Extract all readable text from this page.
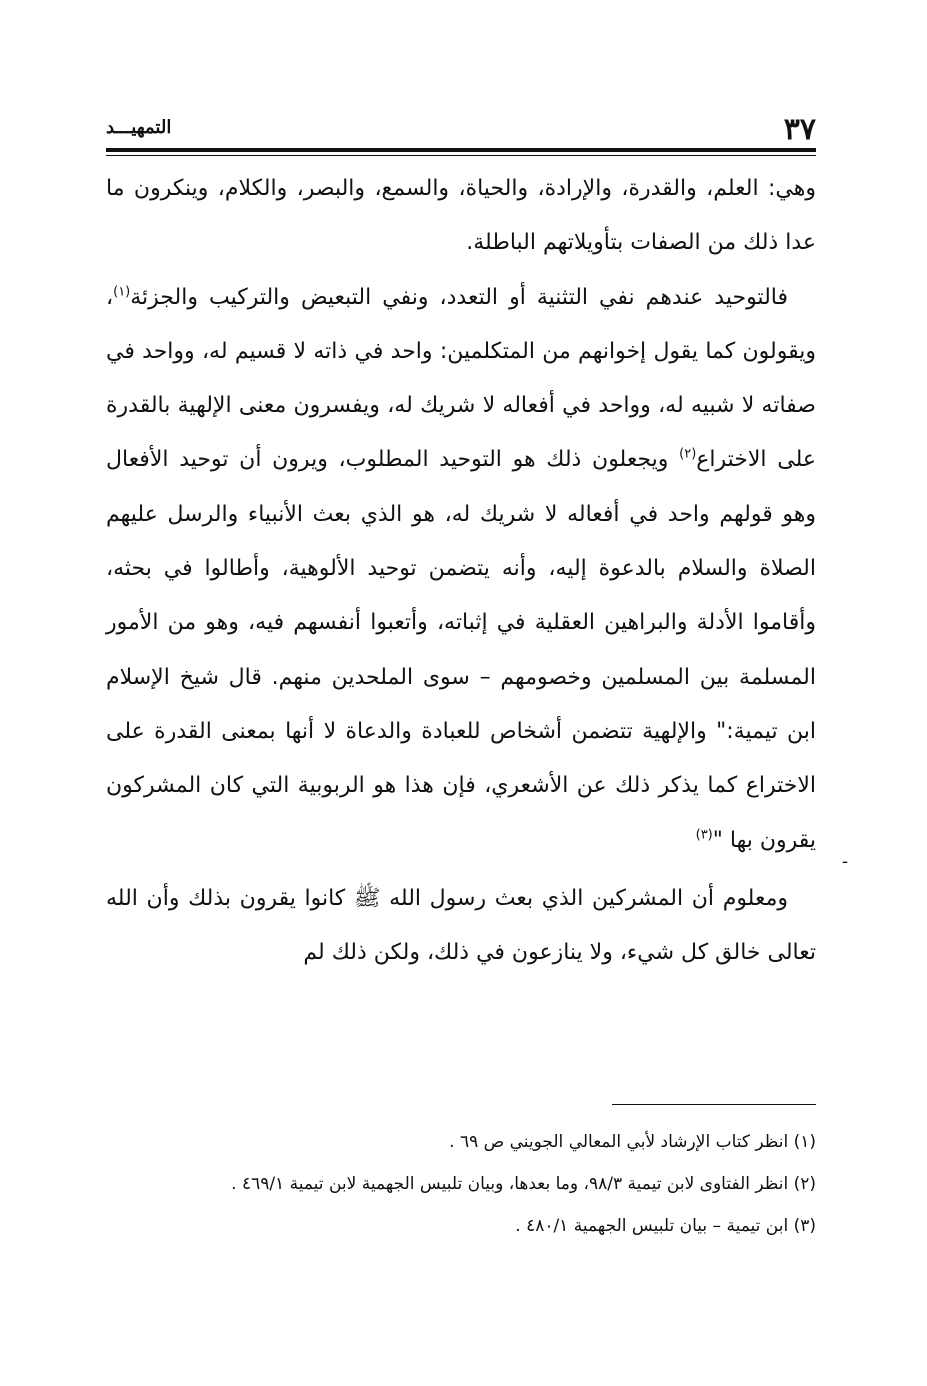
٣٧
التمهيـــد

وهي: العلم، والقدرة، والإرادة، والحياة، والسمع، والبصر، والكلام، وينكرون ما عدا ذلك من الصفات بتأويلاتهم الباطلة.

فالتوحيد عندهم نفي التثنية أو التعدد، ونفي التبعيض والتركيب والجزئة$^{(١)}$، ويقولون كما يقول إخوانهم من المتكلمين: واحد في ذاته لا قسيم له، وواحد في صفاته لا شبيه له، وواحد في أفعاله لا شريك له، ويفسرون معنى الإلهية بالقدرة على الاختراع$^{(٢)}$ ويجعلون ذلك هو التوحيد المطلوب، ويرون أن توحيد الأفعال وهو قولهم واحد في أفعاله لا شريك له، هو الذي بعث الأنبياء والرسل عليهم الصلاة والسلام بالدعوة إليه، وأنه يتضمن توحيد الألوهية، وأطالوا في بحثه، وأقاموا الأدلة والبراهين العقلية في إثباته، وأتعبوا أنفسهم فيه، وهو من الأمور المسلمة بين المسلمين وخصومهم – سوى الملحدين منهم. قال شيخ الإسلام ابن تيمية:" والإلهية تتضمن أشخاص للعبادة والدعاة لا أنها بمعنى القدرة على الاختراع كما يذكر ذلك عن الأشعري، فإن هذا هو الربوبية التي كان المشركون يقرون بها "$^{(٣)}$

ومعلوم أن المشركين الذي بعث رسول الله ﷺ كانوا يقرون بذلك وأن الله تعالى خالق كل شيء، ولا ينازعون في ذلك، ولكن ذلك لم

-

(١) انظر كتاب الإرشاد لأبي المعالي الجويني ص ٦٩ .

(٢) انظر الفتاوى لابن تيمية ٩٨/٣، وما بعدها، وبيان تلبيس الجهمية لابن تيمية ٤٦٩/١ .

(٣) ابن تيمية – بيان تلبيس الجهمية ٤٨٠/١ .
